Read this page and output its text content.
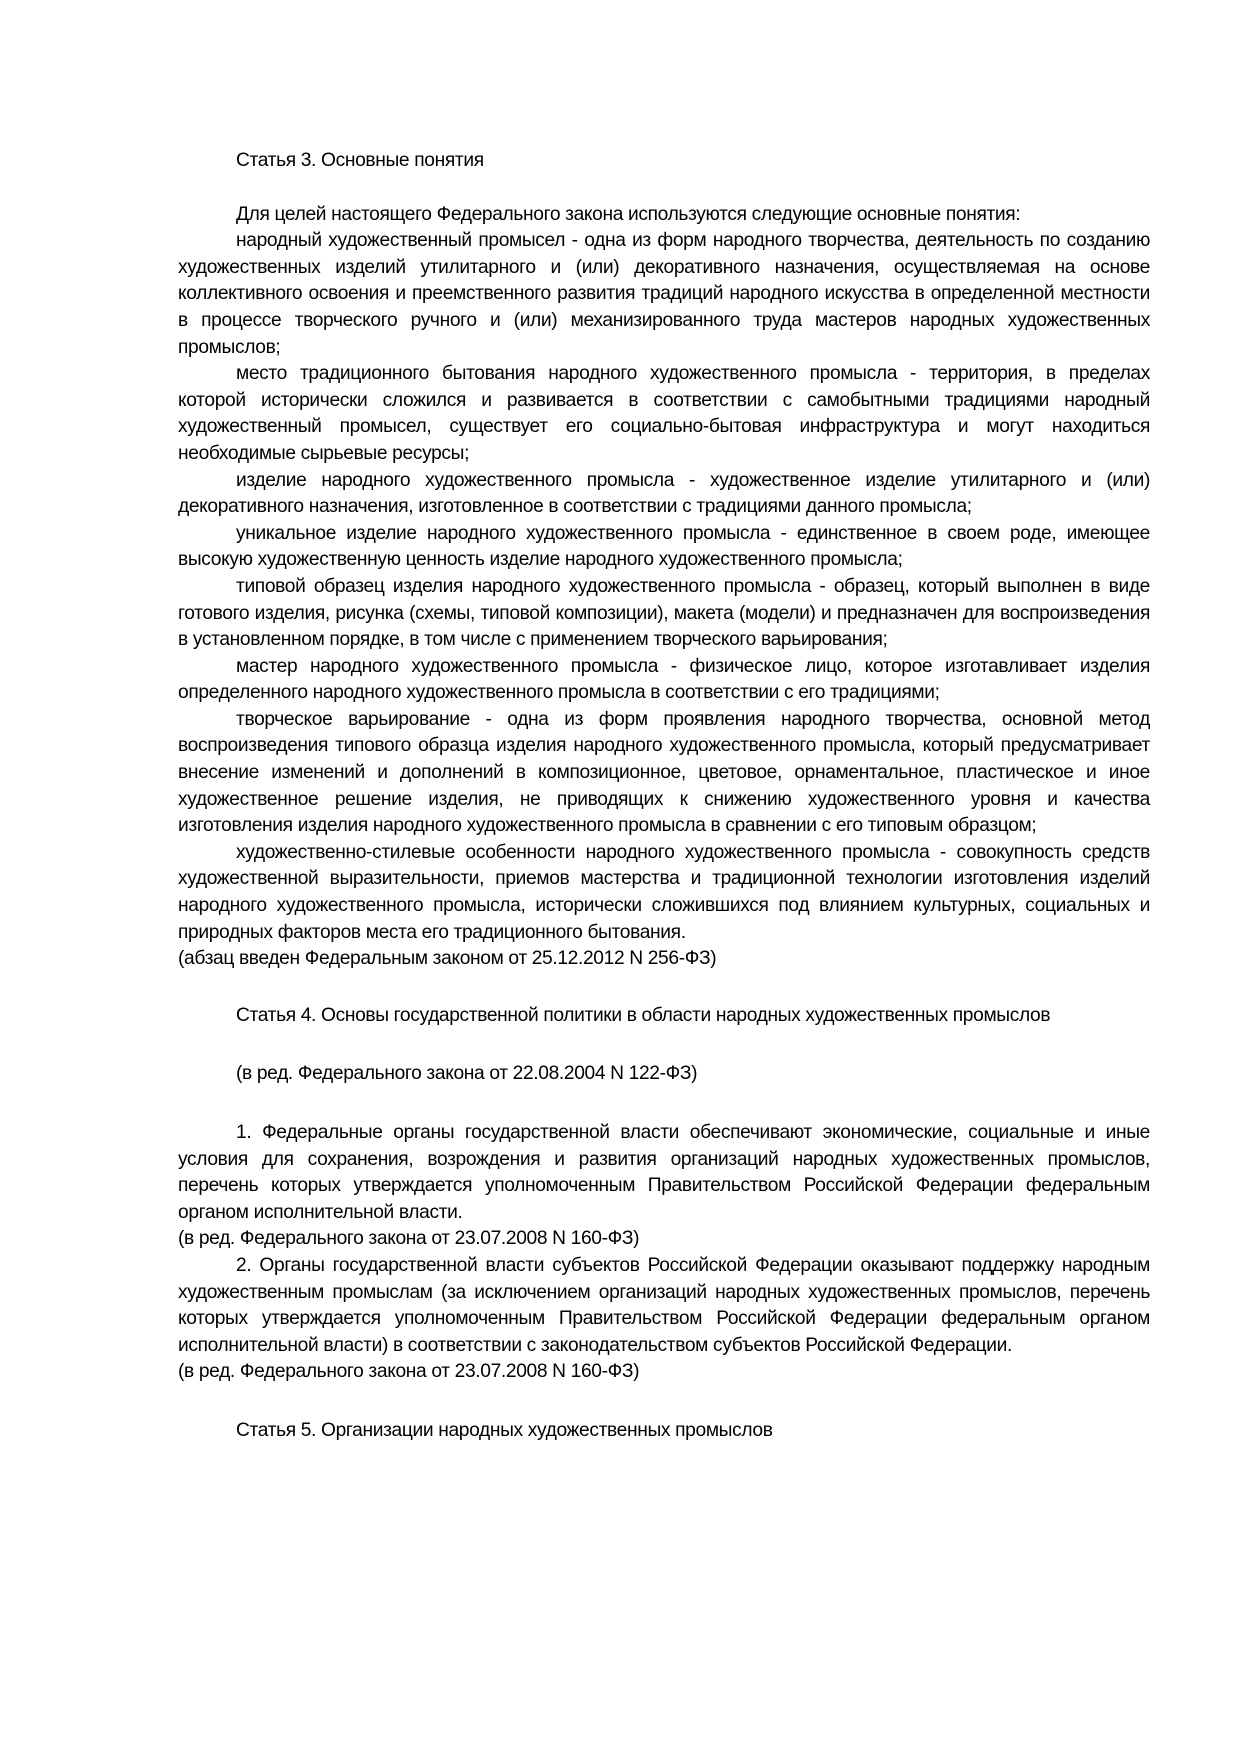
Статья 3. Основные понятия

Для целей настоящего Федерального закона используются следующие основные понятия:

народный художественный промысел - одна из форм народного творчества, деятельность по созданию художественных изделий утилитарного и (или) декоративного назначения, осуществляемая на основе коллективного освоения и преемственного развития традиций народного искусства в определенной местности в процессе творческого ручного и (или) механизированного труда мастеров народных художественных промыслов;

место традиционного бытования народного художественного промысла - территория, в пределах которой исторически сложился и развивается в соответствии с самобытными традициями народный художественный промысел, существует его социально-бытовая инфраструктура и могут находиться необходимые сырьевые ресурсы;

изделие народного художественного промысла - художественное изделие утилитарного и (или) декоративного назначения, изготовленное в соответствии с традициями данного промысла;

уникальное изделие народного художественного промысла - единственное в своем роде, имеющее высокую художественную ценность изделие народного художественного промысла;

типовой образец изделия народного художественного промысла - образец, который выполнен в виде готового изделия, рисунка (схемы, типовой композиции), макета (модели) и предназначен для воспроизведения в установленном порядке, в том числе с применением творческого варьирования;

мастер народного художественного промысла - физическое лицо, которое изготавливает изделия определенного народного художественного промысла в соответствии с его традициями;

творческое варьирование - одна из форм проявления народного творчества, основной метод воспроизведения типового образца изделия народного художественного промысла, который предусматривает внесение изменений и дополнений в композиционное, цветовое, орнаментальное, пластическое и иное художественное решение изделия, не приводящих к снижению художественного уровня и качества изготовления изделия народного художественного промысла в сравнении с его типовым образцом;

художественно-стилевые особенности народного художественного промысла - совокупность средств художественной выразительности, приемов мастерства и традиционной технологии изготовления изделий народного художественного промысла, исторически сложившихся под влиянием культурных, социальных и природных факторов места его традиционного бытования.

(абзац введен Федеральным законом от 25.12.2012 N 256-ФЗ)

Статья 4. Основы государственной политики в области народных художественных промыслов

(в ред. Федерального закона от 22.08.2004 N 122-ФЗ)

1. Федеральные органы государственной власти обеспечивают экономические, социальные и иные условия для сохранения, возрождения и развития организаций народных художественных промыслов, перечень которых утверждается уполномоченным Правительством Российской Федерации федеральным органом исполнительной власти.

(в ред. Федерального закона от 23.07.2008 N 160-ФЗ)

2. Органы государственной власти субъектов Российской Федерации оказывают поддержку народным художественным промыслам (за исключением организаций народных художественных промыслов, перечень которых утверждается уполномоченным Правительством Российской Федерации федеральным органом исполнительной власти) в соответствии с законодательством субъектов Российской Федерации.

(в ред. Федерального закона от 23.07.2008 N 160-ФЗ)

Статья 5. Организации народных художественных промыслов
